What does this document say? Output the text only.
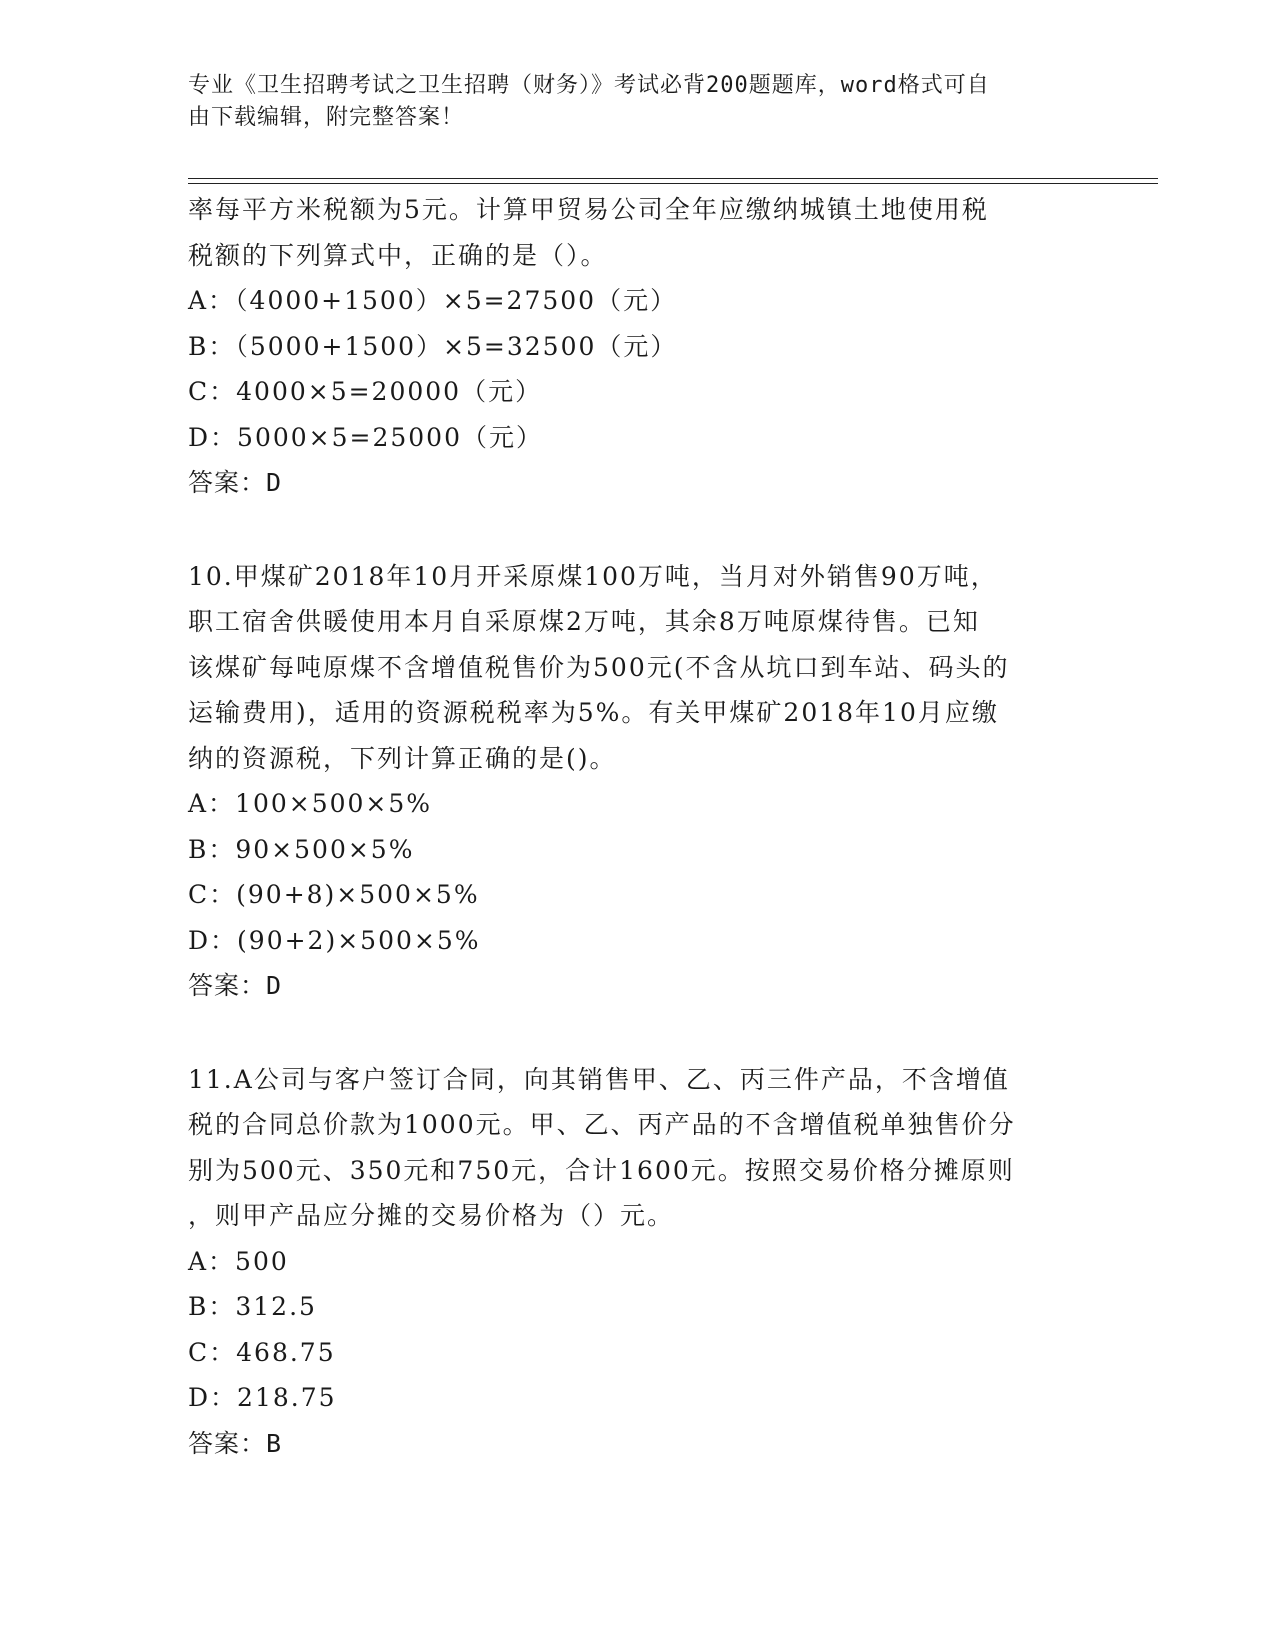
专业《卫生招聘考试之卫生招聘（财务）》考试必背200题题库，word格式可自
由下载编辑，附完整答案！
率每平方米税额为5元。计算甲贸易公司全年应缴纳城镇土地使用税
税额的下列算式中，正确的是（）。
A：（4000+1500）×5=27500（元）
B：（5000+1500）×5=32500（元）
C：4000×5=20000（元）
D：5000×5=25000（元）
答案：D
10.甲煤矿2018年10月开采原煤100万吨，当月对外销售90万吨，
职工宿舍供暖使用本月自采原煤2万吨，其余8万吨原煤待售。已知
该煤矿每吨原煤不含增值税售价为500元(不含从坑口到车站、码头的
运输费用)，适用的资源税税率为5%。有关甲煤矿2018年10月应缴
纳的资源税，下列计算正确的是()。
A：100×500×5%
B：90×500×5%
C：(90+8)×500×5%
D：(90+2)×500×5%
答案：D
11.A公司与客户签订合同，向其销售甲、乙、丙三件产品，不含增值
税的合同总价款为1000元。甲、乙、丙产品的不含增值税单独售价分
别为500元、350元和750元，合计1600元。按照交易价格分摊原则
，则甲产品应分摊的交易价格为（）元。
A：500
B：312.5
C：468.75
D：218.75
答案：B
